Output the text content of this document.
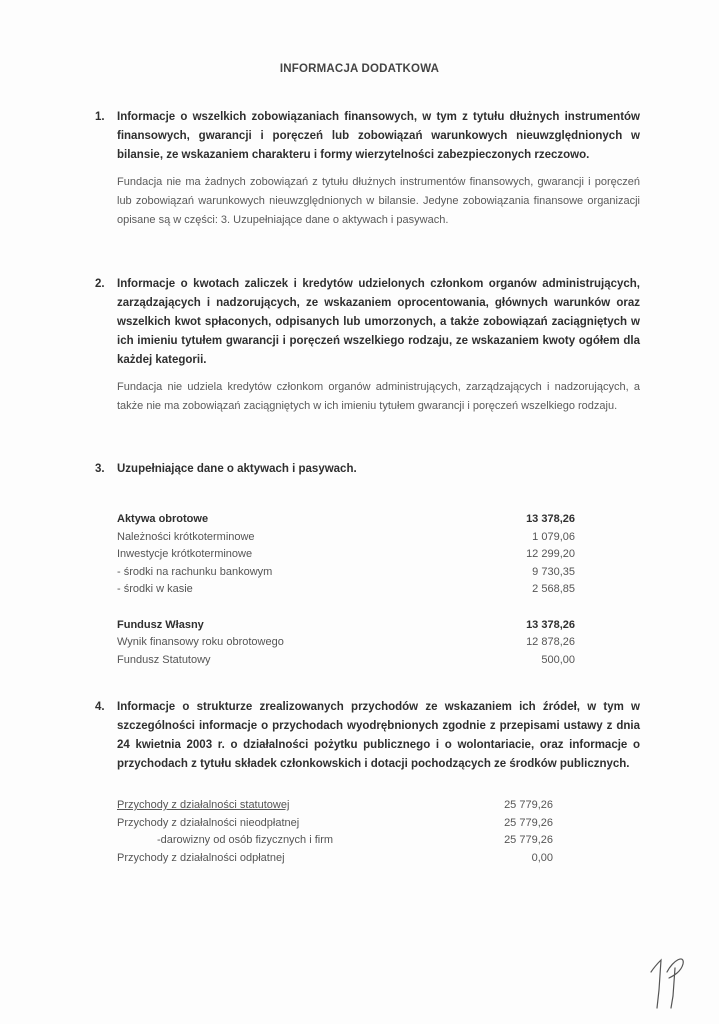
INFORMACJA DODATKOWA
1.	Informacje o wszelkich zobowiązaniach finansowych, w tym z tytułu dłużnych instrumentów finansowych, gwarancji i poręczeń lub zobowiązań warunkowych nieuwzględnionych w bilansie, ze wskazaniem charakteru i formy wierzytelności zabezpieczonych rzeczowo.
Fundacja nie ma żadnych zobowiązań z tytułu dłużnych instrumentów finansowych, gwarancji i poręczeń lub zobowiązań warunkowych nieuwzględnionych w bilansie. Jedyne zobowiązania finansowe organizacji opisane są w części: 3. Uzupełniające dane o aktywach i pasywach.
2.	Informacje o kwotach zaliczek i kredytów udzielonych członkom organów administrujących, zarządzających i nadzorujących, ze wskazaniem oprocentowania, głównych warunków oraz wszelkich kwot spłaconych, odpisanych lub umorzonych, a także zobowiązań zaciągniętych w ich imieniu tytułem gwarancji i poręczeń wszelkiego rodzaju, ze wskazaniem kwoty ogółem dla każdej kategorii.
Fundacja nie udziela kredytów członkom organów administrujących, zarządzających i nadzorujących, a także nie ma zobowiązań zaciągniętych w ich imieniu tytułem gwarancji i poręczeń wszelkiego rodzaju.
3.	Uzupełniające dane o aktywach i pasywach.
Aktywa obrotowe	13 378,26
Należności krótkoterminowe	1 079,06
Inwestycje krótkoterminowe	12 299,20
- środki na rachunku bankowym	9 730,35
- środki w kasie	2 568,85
Fundusz Własny	13 378,26
Wynik finansowy roku obrotowego	12 878,26
Fundusz Statutowy	500,00
4.	Informacje o strukturze zrealizowanych przychodów ze wskazaniem ich źródeł, w tym w szczególności informacje o przychodach wyodrębnionych zgodnie z przepisami ustawy z dnia 24 kwietnia 2003 r. o działalności pożytku publicznego i o wolontariacie, oraz informacje o przychodach z tytułu składek członkowskich i dotacji pochodzących ze środków publicznych.
Przychody z działalności statutowej	25 779,26
Przychody z działalności nieodpłatnej	25 779,26
-darowizny od osób fizycznych i firm	25 779,26
Przychody z działalności odpłatnej	0,00
